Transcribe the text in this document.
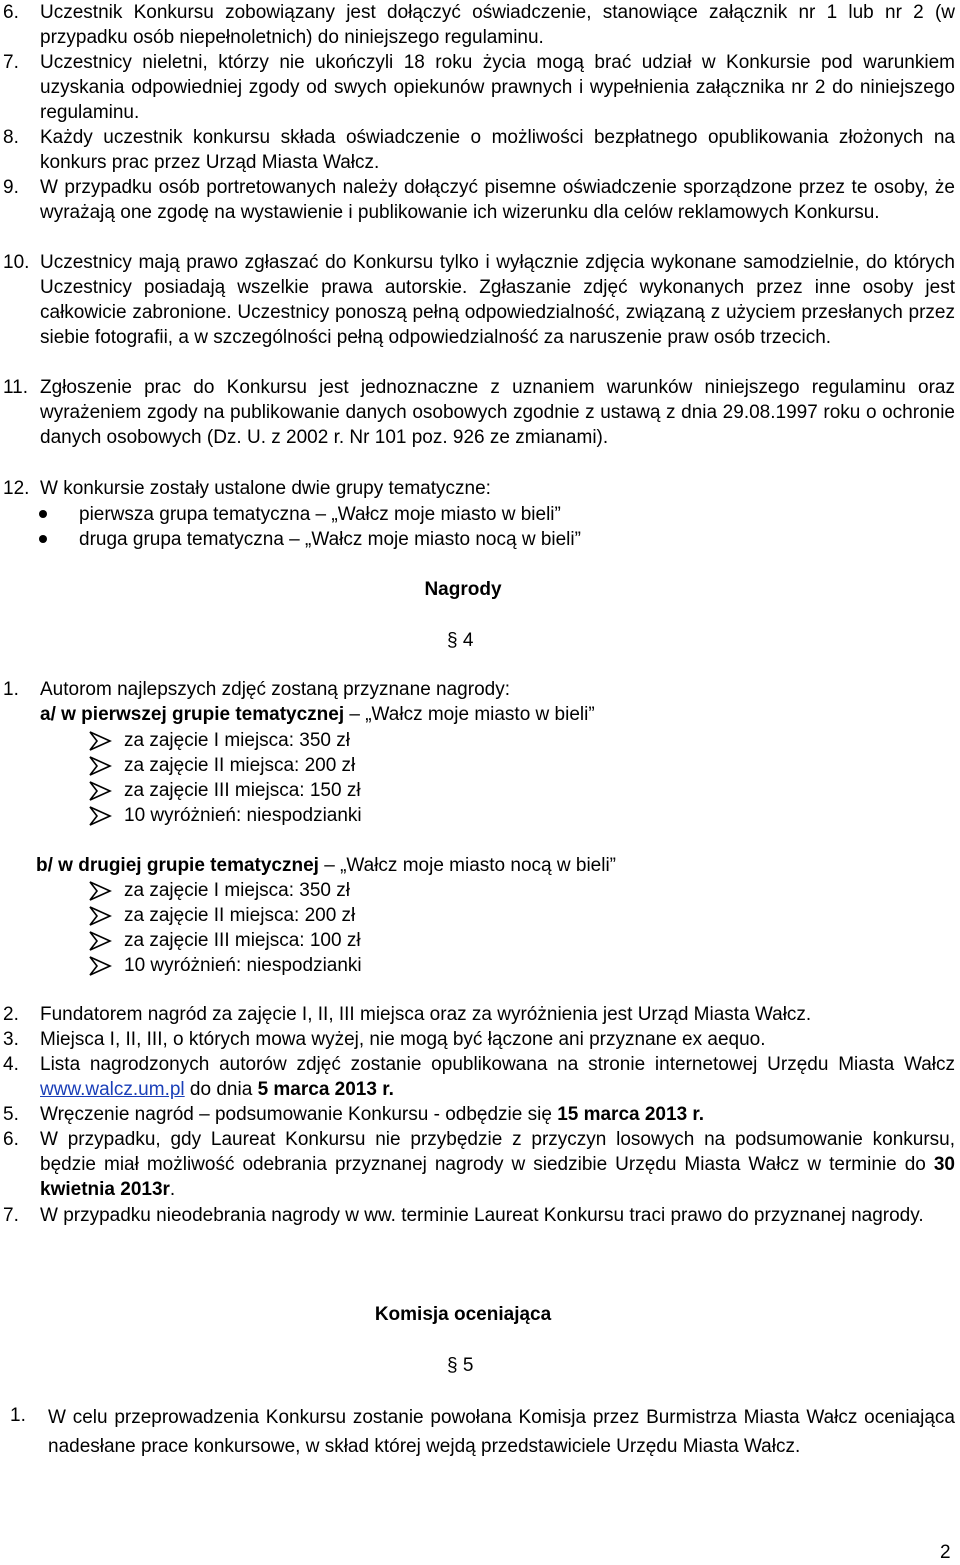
6. Uczestnik Konkursu zobowiązany jest dołączyć oświadczenie, stanowiące załącznik nr 1 lub nr 2 (w przypadku osób niepełnoletnich) do niniejszego regulaminu.
7. Uczestnicy nieletni, którzy nie ukończyli 18 roku życia mogą brać udział w Konkursie pod warunkiem uzyskania odpowiedniej zgody od swych opiekunów prawnych i wypełnienia załącznika nr 2 do niniejszego regulaminu.
8. Każdy uczestnik konkursu składa oświadczenie o możliwości bezpłatnego opublikowania złożonych na konkurs prac przez Urząd Miasta Wałcz.
9. W przypadku osób portretowanych należy dołączyć pisemne oświadczenie sporządzone przez te osoby, że wyrażają one zgodę na wystawienie i publikowanie ich wizerunku dla celów reklamowych Konkursu.
10. Uczestnicy mają prawo zgłaszać do Konkursu tylko i wyłącznie zdjęcia wykonane samodzielnie, do których Uczestnicy posiadają wszelkie prawa autorskie. Zgłaszanie zdjęć wykonanych przez inne osoby jest całkowicie zabronione. Uczestnicy ponoszą pełną odpowiedzialność, związaną z użyciem przesłanych przez siebie fotografii, a w szczególności pełną odpowiedzialność za naruszenie praw osób trzecich.
11. Zgłoszenie prac do Konkursu jest jednoznaczne z uznaniem warunków niniejszego regulaminu oraz wyrażeniem zgody na publikowanie danych osobowych zgodnie z ustawą z dnia 29.08.1997 roku o ochronie danych osobowych (Dz. U. z 2002 r. Nr 101 poz. 926 ze zmianami).
12. W konkursie zostały ustalone dwie grupy tematyczne:
pierwsza grupa tematyczna – „Wałcz moje miasto w bieli”
druga grupa tematyczna – „Wałcz moje miasto nocą w bieli”
Nagrody
§ 4
1. Autorom najlepszych zdjęć zostaną przyznane nagrody:
a/ w pierwszej grupie tematycznej – „Wałcz moje miasto w bieli”
za zajęcie I miejsca: 350 zł
za zajęcie II miejsca: 200 zł
za zajęcie III miejsca: 150 zł
10 wyróżnień: niespodzianki
b/ w drugiej grupie tematycznej – „Wałcz moje miasto nocą w bieli”
za zajęcie I miejsca: 350 zł
za zajęcie II miejsca: 200 zł
za zajęcie III miejsca: 100 zł
10 wyróżnień: niespodzianki
2. Fundatorem nagród za zajęcie I, II, III miejsca oraz za wyróżnienia jest Urząd Miasta Wałcz.
3. Miejsca I, II, III, o których mowa wyżej, nie mogą być łączone ani przyznane ex aequo.
4. Lista nagrodzonych autorów zdjęć zostanie opublikowana na stronie internetowej Urzędu Miasta Wałcz www.walcz.um.pl do dnia 5 marca 2013 r.
5. Wręczenie nagród – podsumowanie Konkursu - odbędzie się 15 marca 2013 r.
6. W przypadku, gdy Laureat Konkursu nie przybędzie z przyczyn losowych na podsumowanie konkursu, będzie miał możliwość odebrania przyznanej nagrody w siedzibie Urzędu Miasta Wałcz w terminie do 30 kwietnia 2013r.
7. W przypadku nieodebrania nagrody w ww. terminie Laureat Konkursu traci prawo do przyznanej nagrody.
Komisja oceniająca
§ 5
1. W celu przeprowadzenia Konkursu zostanie powołana Komisja przez Burmistrza Miasta Wałcz oceniająca nadesłane prace konkursowe, w skład której wejdą przedstawiciele Urzędu Miasta Wałcz.
2
